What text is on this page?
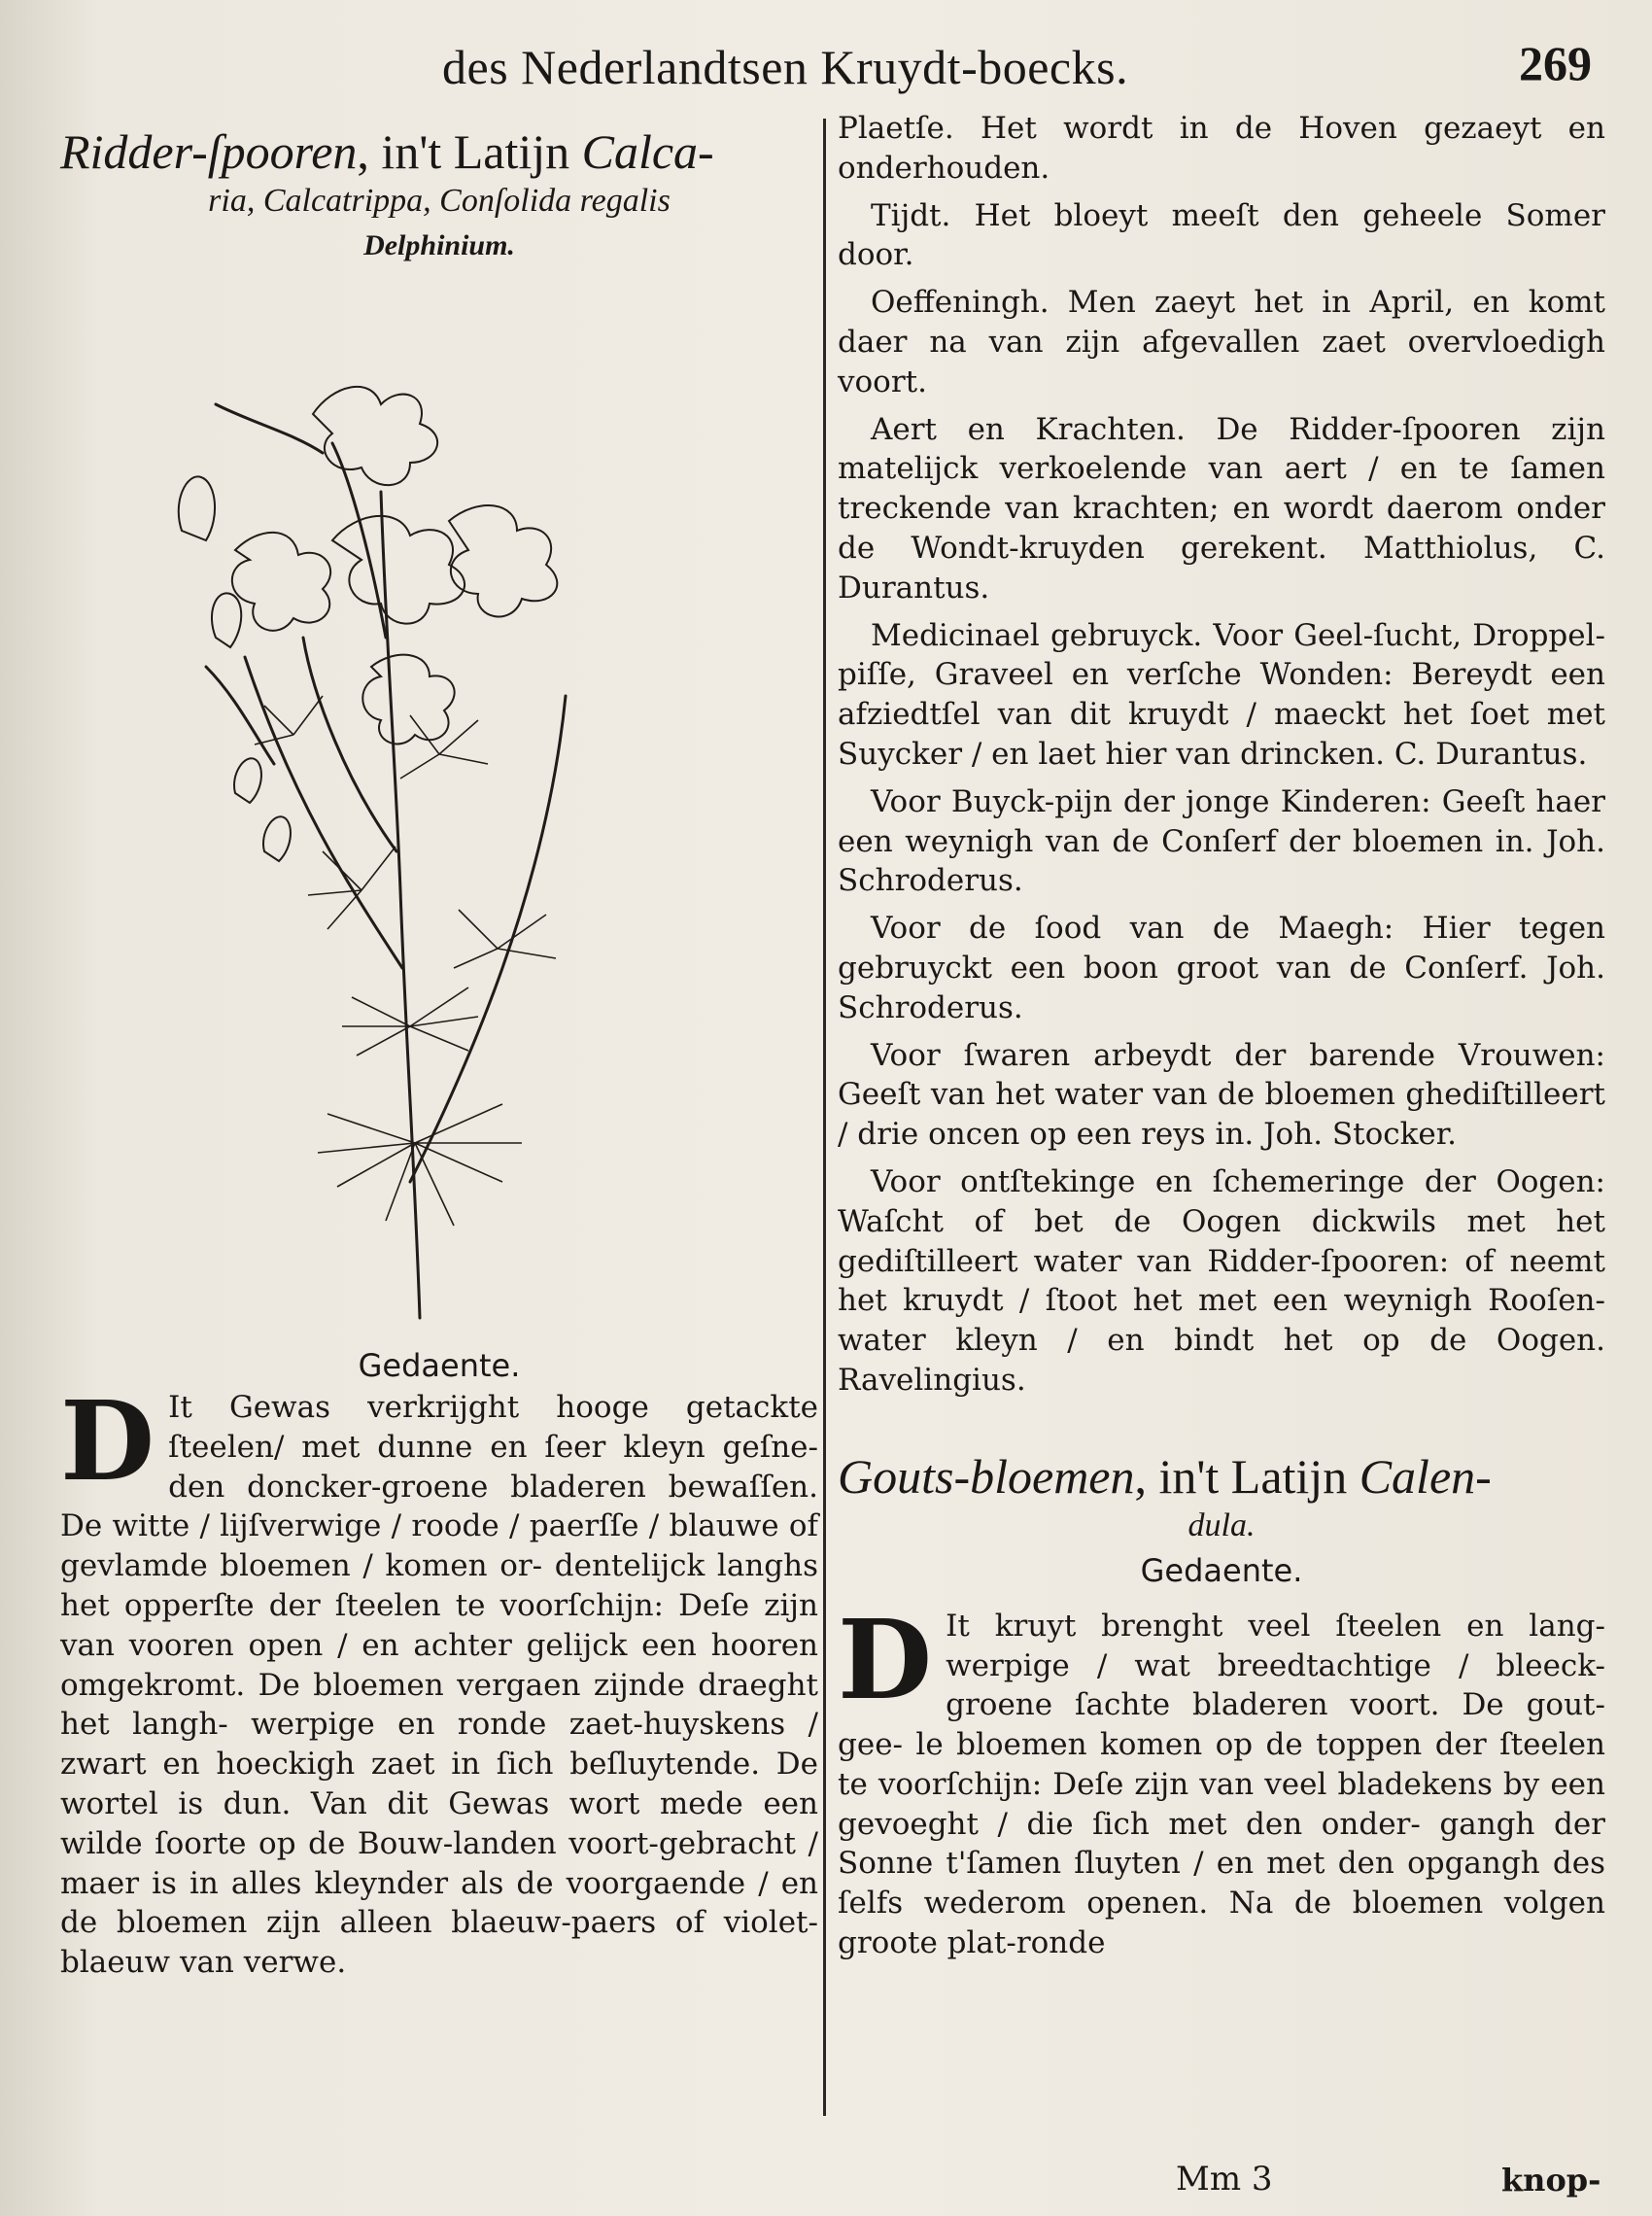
des Nederlandtsen Kruydt-boecks.	269

Ridder-ſpooren, in't Latijn Calca-

ria, Calcatrippa, Conſolida regalis

Delphinium.

Gedaente.

D It Gewas verkrijght hooge getackte ſteelen/ met dunne en ſeer kleyn geſne- den doncker-groene bladeren bewaſſen. De witte / lijſverwige / roode / paerſſe / blauwe of gevlamde bloemen / komen or- dentelijck langhs het opperſte der ſteelen te voorſchijn: Deſe zijn van vooren open / en achter gelijck een hooren omgekromt. De bloemen vergaen zijnde draeght het langh- werpige en ronde zaet-huyskens / zwart en hoeckigh zaet in ſich beſluytende. De wortel is dun. Van dit Gewas wort mede een wilde ſoorte op de Bouw-landen voort-gebracht / maer is in alles kleynder als de voorgaende / en de bloemen zijn alleen blaeuw-paers of violet-blaeuw van verwe.

Plaetſe. Het wordt in de Hoven gezaeyt en onderhouden.

Tijdt. Het bloeyt meeſt den geheele Somer door.

Oeffeningh. Men zaeyt het in April, en komt daer na van zijn afgevallen zaet overvloedigh voort.

Aert en Krachten. De Ridder-ſpooren zijn matelijck verkoelende van aert / en te ſamen treckende van krachten; en wordt daerom onder de Wondt-kruyden gerekent. Matthiolus, C. Durantus.

Medicinael gebruyck. Voor Geel-ſucht, Droppel-piſſe, Graveel en verſche Wonden: Bereydt een afziedtſel van dit kruydt / maeckt het ſoet met Suycker / en laet hier van drincken. C. Durantus.

Voor Buyck-pijn der jonge Kinderen: Geeſt haer een weynigh van de Conſerf der bloemen in. Joh. Schroderus.

Voor de ſood van de Maegh: Hier tegen gebruyckt een boon groot van de Conſerf. Joh. Schroderus.

Voor ſwaren arbeydt der barende Vrouwen: Geeſt van het water van de bloemen ghediſtilleert / drie oncen op een reys in. Joh. Stocker.

Voor ontſtekinge en ſchemeringe der Oogen: Waſcht of bet de Oogen dickwils met het gediſtilleert water van Ridder-ſpooren: of neemt het kruydt / ſtoot het met een weynigh Rooſen-water kleyn / en bindt het op de Oogen. Ravelingius.

Gouts-bloemen, in't Latijn Calen-

dula.

Gedaente.

D It kruyt brenght veel ſteelen en lang- werpige / wat breedtachtige / bleeck- groene ſachte bladeren voort. De gout-gee- le bloemen komen op de toppen der ſteelen te voorſchijn: Deſe zijn van veel bladekens by een gevoeght / die ſich met den onder- gangh der Sonne t'ſamen ſluyten / en met den opgangh des ſelfs wederom openen. Na de bloemen volgen groote plat-ronde
Mm 3	knop-
